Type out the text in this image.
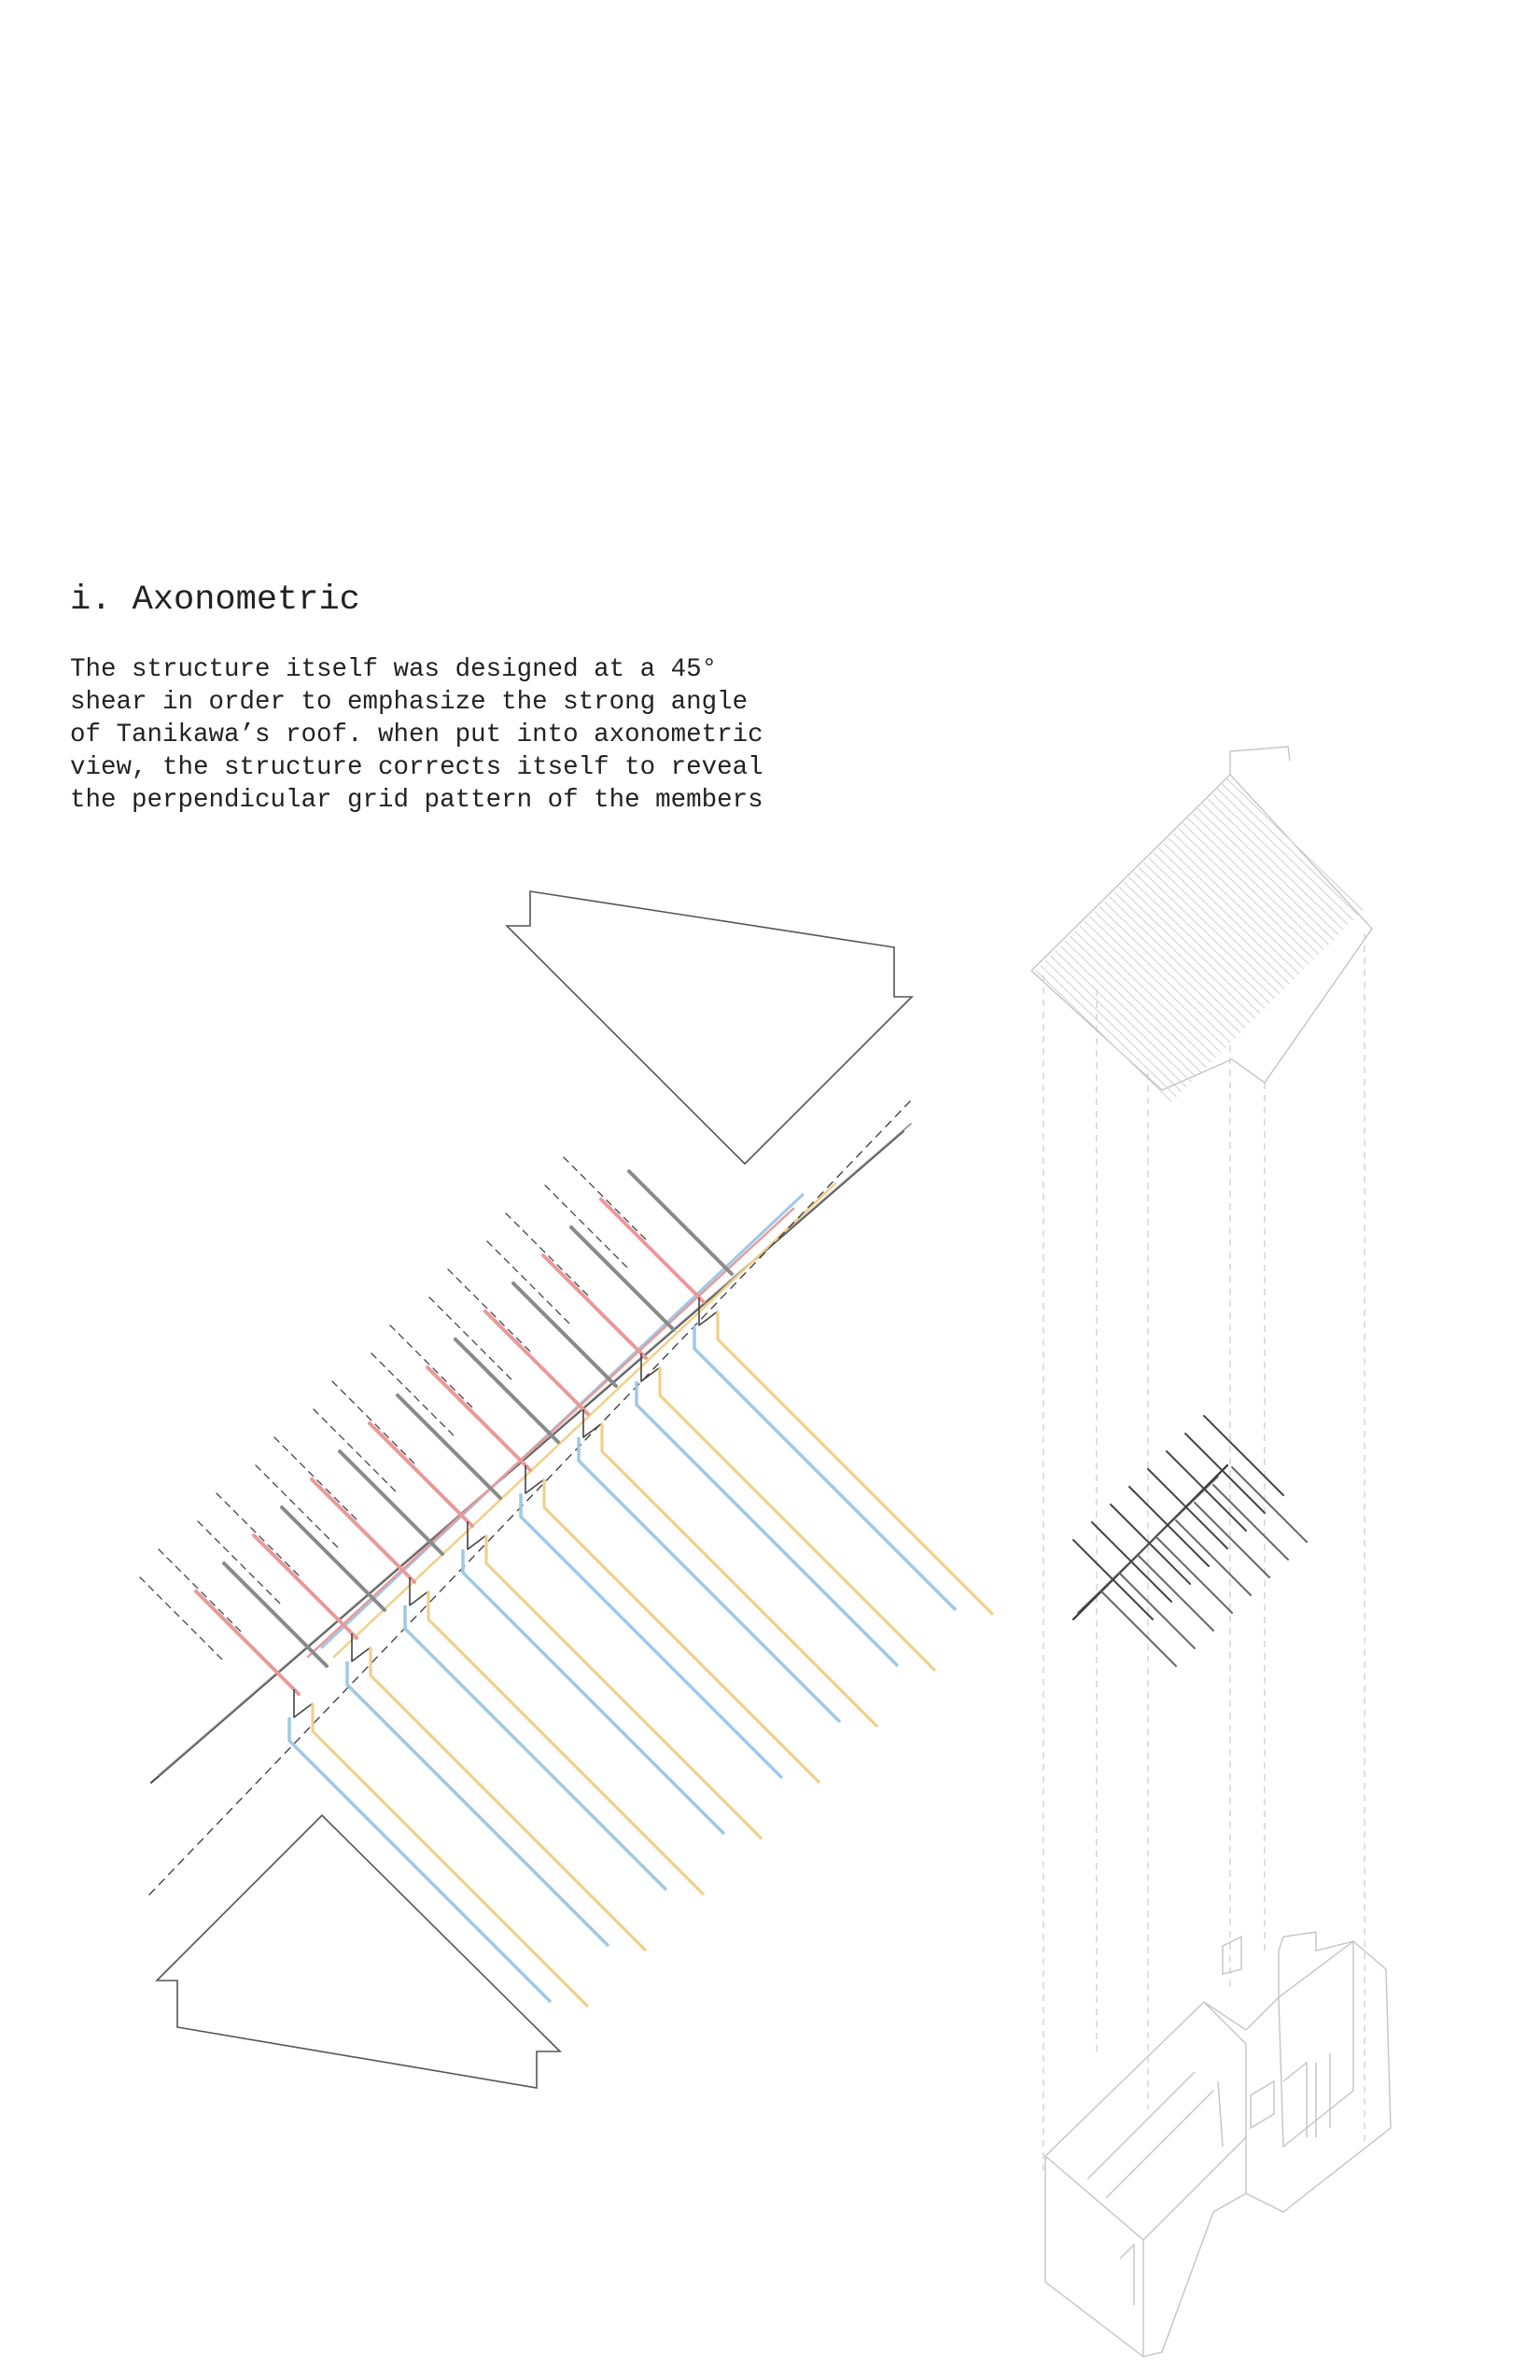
i. Axonometric
The structure itself was designed at a 45°
shear in order to emphasize the strong angle
of Tanikawa’s roof. when put into axonometric
view, the structure corrects itself to reveal
the perpendicular grid pattern of the members
